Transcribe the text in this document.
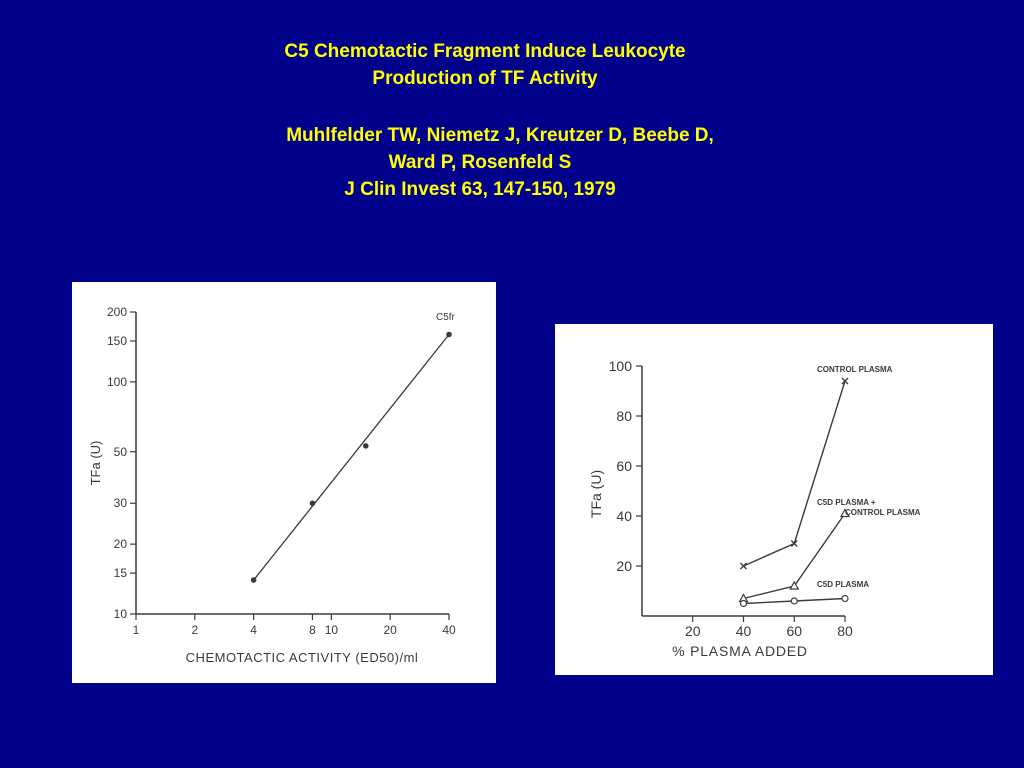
C5 Chemotactic Fragment Induce Leukocyte
Production of TF Activity
Muhlfelder TW, Niemetz J, Kreutzer D, Beebe D,
Ward P, Rosenfeld S
J Clin Invest 63, 147-150, 1979
200
150
100
50
30
20
15
10
1	2	4	8 10	20	40
CHEMOTACTIC ACTIVITY (ED50)/ml
TFa (U)
C5fr
100
80
60
40
20
20	40	60	80
% PLASMA ADDED
TFa (U)
CONTROL PLASMA
C5D PLASMA +
CONTROL PLASMA
C5D PLASMA
